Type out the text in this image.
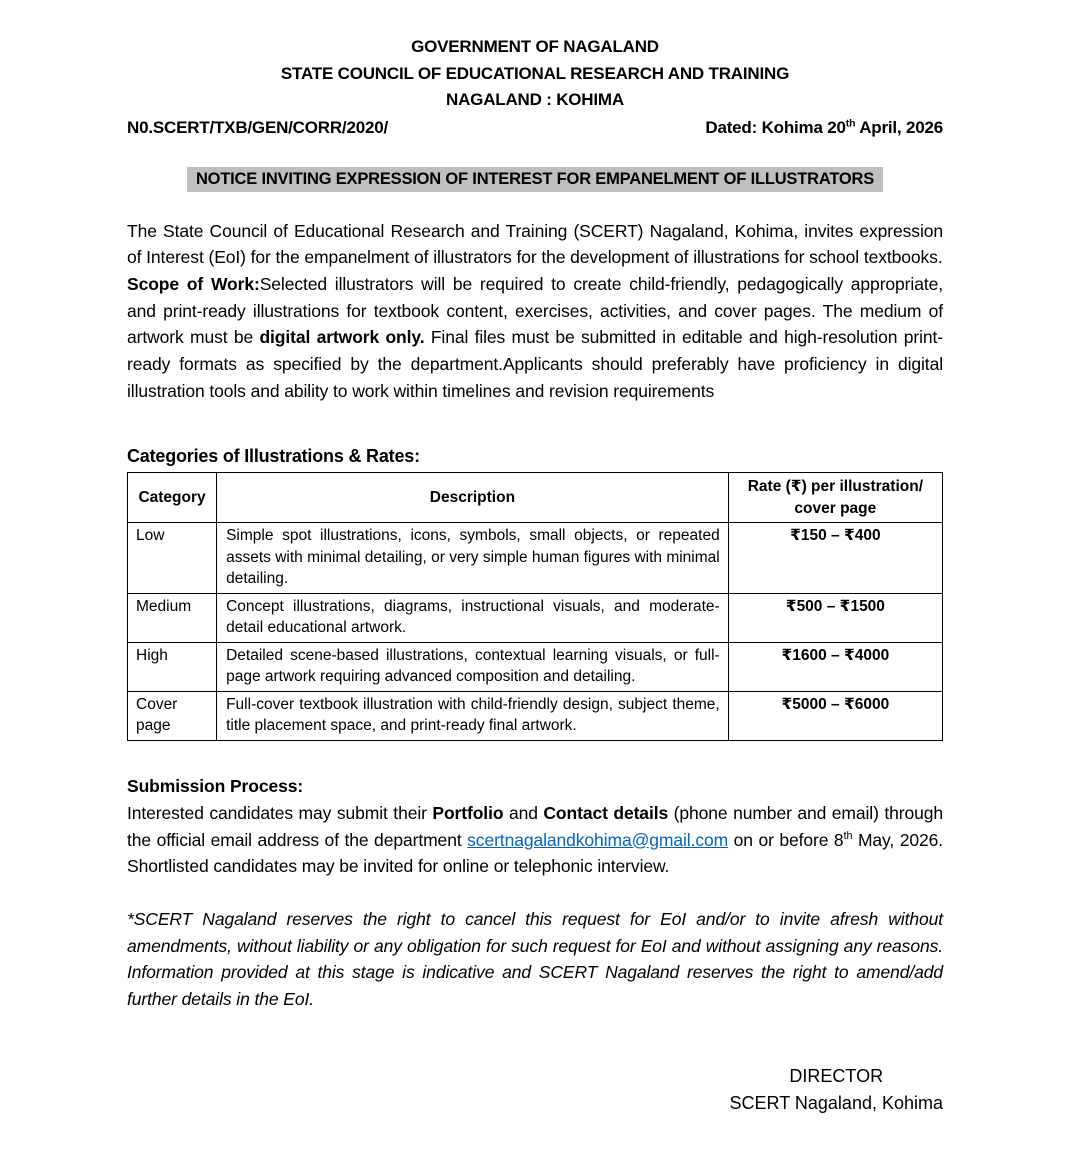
GOVERNMENT OF NAGALAND
STATE COUNCIL OF EDUCATIONAL RESEARCH AND TRAINING
NAGALAND : KOHIMA
N0.SCERT/TXB/GEN/CORR/2020/	Dated: Kohima 20th April, 2026
NOTICE INVITING EXPRESSION OF INTEREST FOR EMPANELMENT OF ILLUSTRATORS

The State Council of Educational Research and Training (SCERT) Nagaland, Kohima, invites expression of Interest (EoI) for the empanelment of illustrators for the development of illustrations for school textbooks.

Scope of Work:Selected illustrators will be required to create child-friendly, pedagogically appropriate, and print-ready illustrations for textbook content, exercises, activities, and cover pages. The medium of artwork must be digital artwork only. Final files must be submitted in editable and high-resolution print-ready formats as specified by the department.Applicants should preferably have proficiency in digital illustration tools and ability to work within timelines and revision requirements

Categories of Illustrations & Rates:
Category	Description	Rate (₹) per illustration/ cover page
Low	Simple spot illustrations, icons, symbols, small objects, or repeated assets with minimal detailing, or very simple human figures with minimal detailing.	₹150 – ₹400
Medium	Concept illustrations, diagrams, instructional visuals, and moderate-detail educational artwork.	₹500 – ₹1500
High	Detailed scene-based illustrations, contextual learning visuals, or full-page artwork requiring advanced composition and detailing.	₹1600 – ₹4000
Cover page	Full-cover textbook illustration with child-friendly design, subject theme, title placement space, and print-ready final artwork.	₹5000 – ₹6000
Submission Process:

Interested candidates may submit their Portfolio and Contact details (phone number and email) through the official email address of the department scertnagalandkohima@gmail.com on or before 8th May, 2026. Shortlisted candidates may be invited for online or telephonic interview.

*SCERT Nagaland reserves the right to cancel this request for EoI and/or to invite afresh without amendments, without liability or any obligation for such request for EoI and without assigning any reasons. Information provided at this stage is indicative and SCERT Nagaland reserves the right to amend/add further details in the EoI.
DIRECTOR
SCERT Nagaland, Kohima
